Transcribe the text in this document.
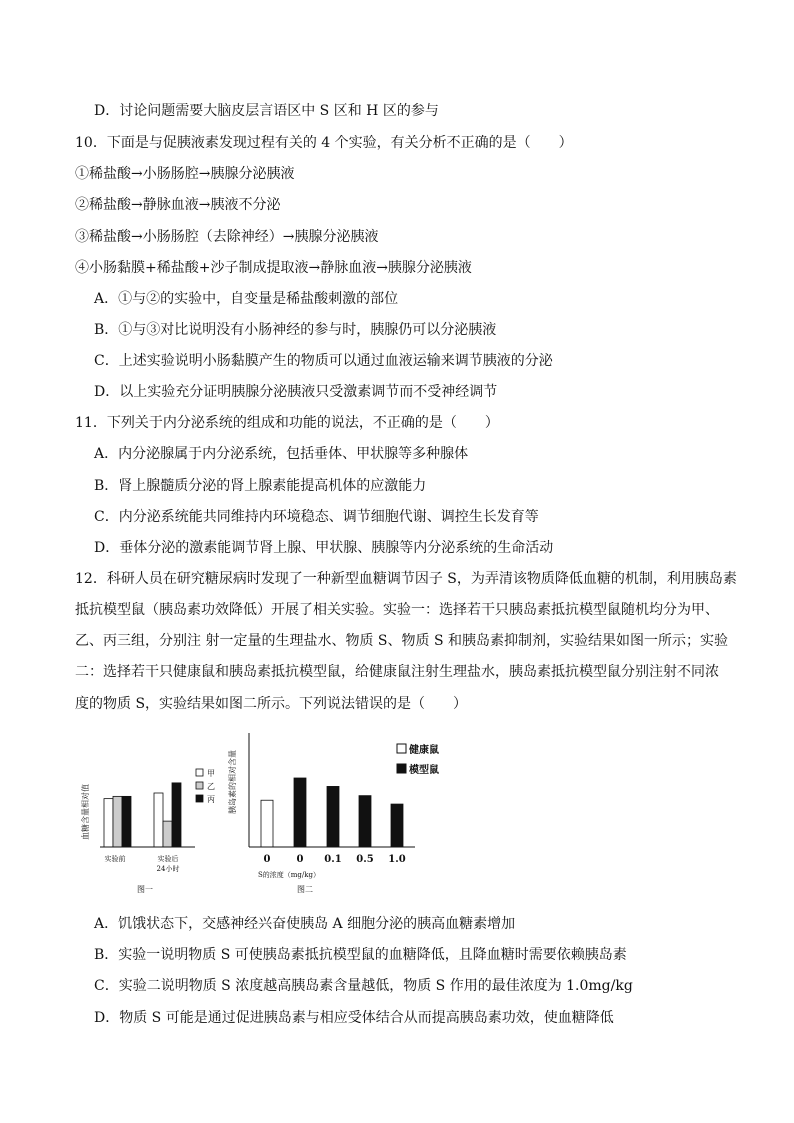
D．讨论问题需要大脑皮层言语区中 S 区和 H 区的参与
10．下面是与促胰液素发现过程有关的 4 个实验，有关分析不正确的是（　　）
①稀盐酸→小肠肠腔→胰腺分泌胰液
②稀盐酸→静脉血液→胰液不分泌
③稀盐酸→小肠肠腔（去除神经）→胰腺分泌胰液
④小肠黏膜+稀盐酸+沙子制成提取液→静脉血液→胰腺分泌胰液
A．①与②的实验中，自变量是稀盐酸刺激的部位
B．①与③对比说明没有小肠神经的参与时，胰腺仍可以分泌胰液
C．上述实验说明小肠黏膜产生的物质可以通过血液运输来调节胰液的分泌
D．以上实验充分证明胰腺分泌胰液只受激素调节而不受神经调节
11．下列关于内分泌系统的组成和功能的说法，不正确的是（　　）
A．内分泌腺属于内分泌系统，包括垂体、甲状腺等多种腺体
B．肾上腺髓质分泌的肾上腺素能提高机体的应激能力
C．内分泌系统能共同维持内环境稳态、调节细胞代谢、调控生长发育等
D．垂体分泌的激素能调节肾上腺、甲状腺、胰腺等内分泌系统的生命活动
12．科研人员在研究糖尿病时发现了一种新型血糖调节因子 S，为弄清该物质降低血糖的机制，利用胰岛素
抵抗模型鼠（胰岛素功效降低）开展了相关实验。实验一：选择若干只胰岛素抵抗模型鼠随机均分为甲、
乙、丙三组，分别注 射一定量的生理盐水、物质 S、物质 S 和胰岛素抑制剂，实验结果如图一所示；实验
二：选择若干只健康鼠和胰岛素抵抗模型鼠，给健康鼠注射生理盐水，胰岛素抵抗模型鼠分别注射不同浓
度的物质 S，实验结果如图二所示。下列说法错误的是（　　）
血糖含量相对值
甲
乙
丙
实验前	实验后
24小时
图一
胰岛素的相对含量
0	0 0.1 0.5 1.0
健康鼠
模型鼠
S的浓度（mg/kg）
图二
A．饥饿状态下，交感神经兴奋使胰岛 A 细胞分泌的胰高血糖素增加
B．实验一说明物质 S 可使胰岛素抵抗模型鼠的血糖降低，且降血糖时需要依赖胰岛素
C．实验二说明物质 S 浓度越高胰岛素含量越低，物质 S 作用的最佳浓度为 1.0mg/kg
D．物质 S 可能是通过促进胰岛素与相应受体结合从而提高胰岛素功效，使血糖降低
